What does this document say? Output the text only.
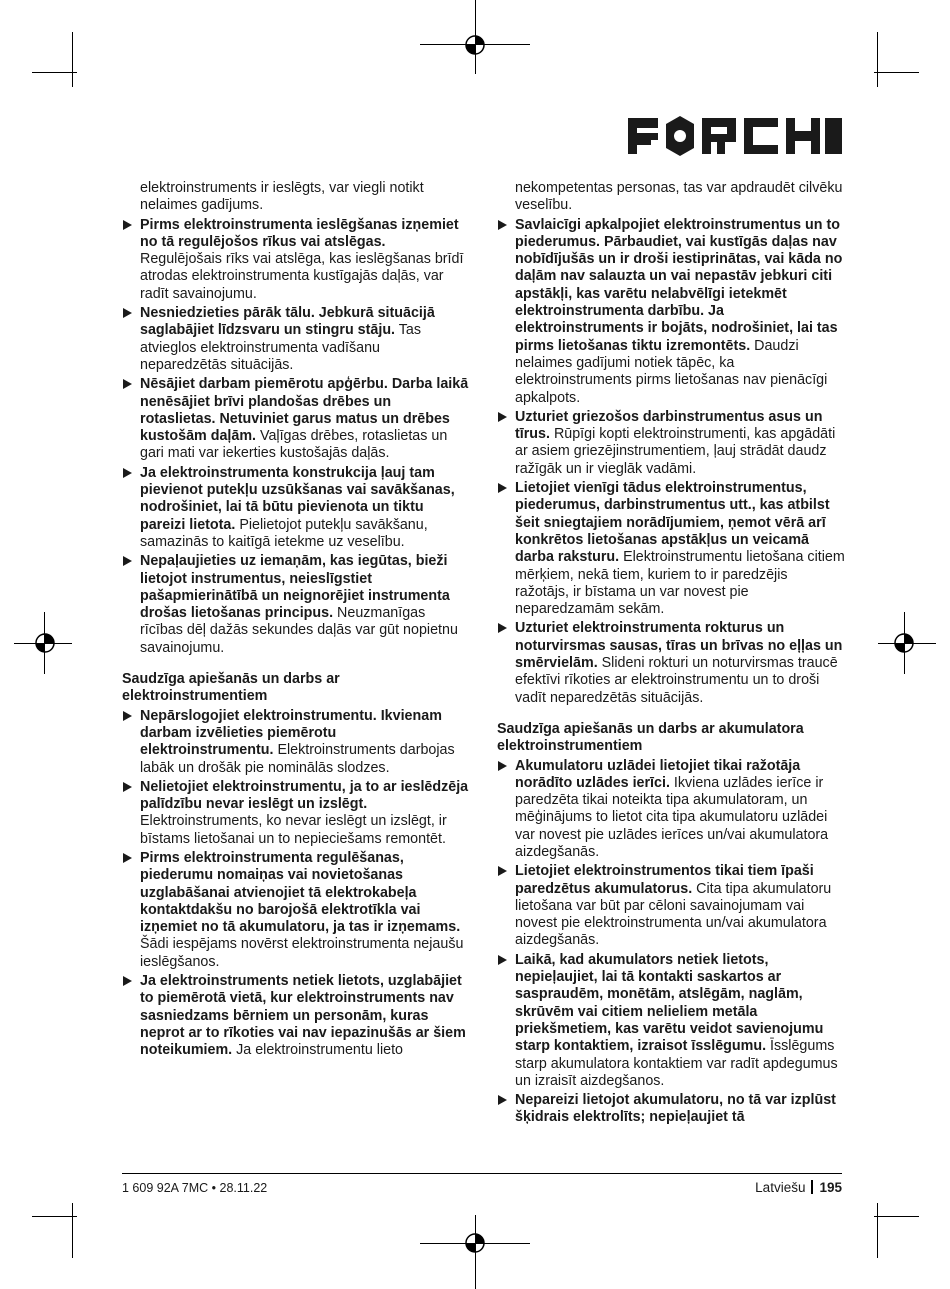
elektroinstruments ir ieslēgts, var viegli notikt nelaimes gadījums.

Pirms elektroinstrumenta ieslēgšanas izņemiet no tā regulējošos rīkus vai atslēgas. Regulējošais rīks vai atslēga, kas ieslēgšanas brīdī atrodas elektroinstrumenta kustīgajās daļās, var radīt savainojumu.
Nesniedzieties pārāk tālu. Jebkurā situācijā saglabājiet līdzsvaru un stingru stāju. Tas atvieglos elektroinstrumenta vadīšanu neparedzētās situācijās.
Nēsājiet darbam piemērotu apģērbu. Darba laikā nenēsājiet brīvi plandošas drēbes un rotaslietas. Netuviniet garus matus un drēbes kustošām daļām. Vaļīgas drēbes, rotaslietas un gari mati var iekerties kustošajās daļās.
Ja elektroinstrumenta konstrukcija ļauj tam pievienot putekļu uzsūkšanas vai savākšanas, nodrošiniet, lai tā būtu pievienota un tiktu pareizi lietota. Pielietojot putekļu savākšanu, samazinās to kaitīgā ietekme uz veselību.
Nepaļaujieties uz iemaņām, kas iegūtas, bieži lietojot instrumentus, neieslīgstiet pašapmierinātībā un neignorējiet instrumenta drošas lietošanas principus. Neuzmanīgas rīcības dēļ dažās sekundes daļās var gūt nopietnu savainojumu.
Saudzīga apiešanās un darbs ar elektroinstrumentiem
Nepārslogojiet elektroinstrumentu. Ikvienam darbam izvēlieties piemērotu elektroinstrumentu. Elektroinstruments darbojas labāk un drošāk pie nominālās slodzes.
Nelietojiet elektroinstrumentu, ja to ar ieslēdzēja palīdzību nevar ieslēgt un izslēgt. Elektroinstruments, ko nevar ieslēgt un izslēgt, ir bīstams lietošanai un to nepieciešams remontēt.
Pirms elektroinstrumenta regulēšanas, piederumu nomaiņas vai novietošanas uzglabāšanai atvienojiet tā elektrokabeļa kontaktdakšu no barojošā elektrotīkla vai izņemiet no tā akumulatoru, ja tas ir izņemams. Šādi iespējams novērst elektroinstrumenta nejaušu ieslēgšanos.
Ja elektroinstruments netiek lietots, uzglabājiet to piemērotā vietā, kur elektroinstruments nav sasniedzams bērniem un personām, kuras neprot ar to rīkoties vai nav iepazinušās ar šiem noteikumiem. Ja elektroinstrumentu lieto

nekompetentas personas, tas var apdraudēt cilvēku veselību.

Savlaicīgi apkalpojiet elektroinstrumentus un to piederumus. Pārbaudiet, vai kustīgās daļas nav nobīdījušās un ir droši iestiprinātas, vai kāda no daļām nav salauzta un vai nepastāv jebkuri citi apstākļi, kas varētu nelabvēlīgi ietekmēt elektroinstrumenta darbību. Ja elektroinstruments ir bojāts, nodrošiniet, lai tas pirms lietošanas tiktu izremontēts. Daudzi nelaimes gadījumi notiek tāpēc, ka elektroinstruments pirms lietošanas nav pienācīgi apkalpots.
Uzturiet griezošos darbinstrumentus asus un tīrus. Rūpīgi kopti elektroinstrumenti, kas apgādāti ar asiem griezējinstrumentiem, ļauj strādāt daudz ražīgāk un ir vieglāk vadāmi.
Lietojiet vienīgi tādus elektroinstrumentus, piederumus, darbinstrumentus utt., kas atbilst šeit sniegtajiem norādījumiem, ņemot vērā arī konkrētos lietošanas apstākļus un veicamā darba raksturu. Elektroinstrumentu lietošana citiem mērķiem, nekā tiem, kuriem to ir paredzējis ražotājs, ir bīstama un var novest pie neparedzamām sekām.
Uzturiet elektroinstrumenta rokturus un noturvirsmas sausas, tīras un brīvas no eļļas un smērvielām. Slideni rokturi un noturvirsmas traucē efektīvi rīkoties ar elektroinstrumentu un to droši vadīt neparedzētās situācijās.
Saudzīga apiešanās un darbs ar akumulatora elektroinstrumentiem
Akumulatoru uzlādei lietojiet tikai ražotāja norādīto uzlādes ierīci. Ikviena uzlādes ierīce ir paredzēta tikai noteikta tipa akumulatoram, un mēģinājums to lietot cita tipa akumulatoru uzlādei var novest pie uzlādes ierīces un/vai akumulatora aizdegšanās.
Lietojiet elektroinstrumentos tikai tiem īpaši paredzētus akumulatorus. Cita tipa akumulatoru lietošana var būt par cēloni savainojumam vai novest pie elektroinstrumenta un/vai akumulatora aizdegšanās.
Laikā, kad akumulators netiek lietots, nepieļaujiet, lai tā kontakti saskartos ar saspraudēm, monētām, atslēgām, naglām, skrūvēm vai citiem nelieliem metāla priekšmetiem, kas varētu veidot savienojumu starp kontaktiem, izraisot īsslēgumu. Īsslēgums starp akumulatora kontaktiem var radīt apdegumus un izraisīt aizdegšanos.
Nepareizi lietojot akumulatoru, no tā var izplūst šķidrais elektrolīts; nepieļaujiet tā
1 609 92A 7MC • 28.11.22	Latviešu 195
